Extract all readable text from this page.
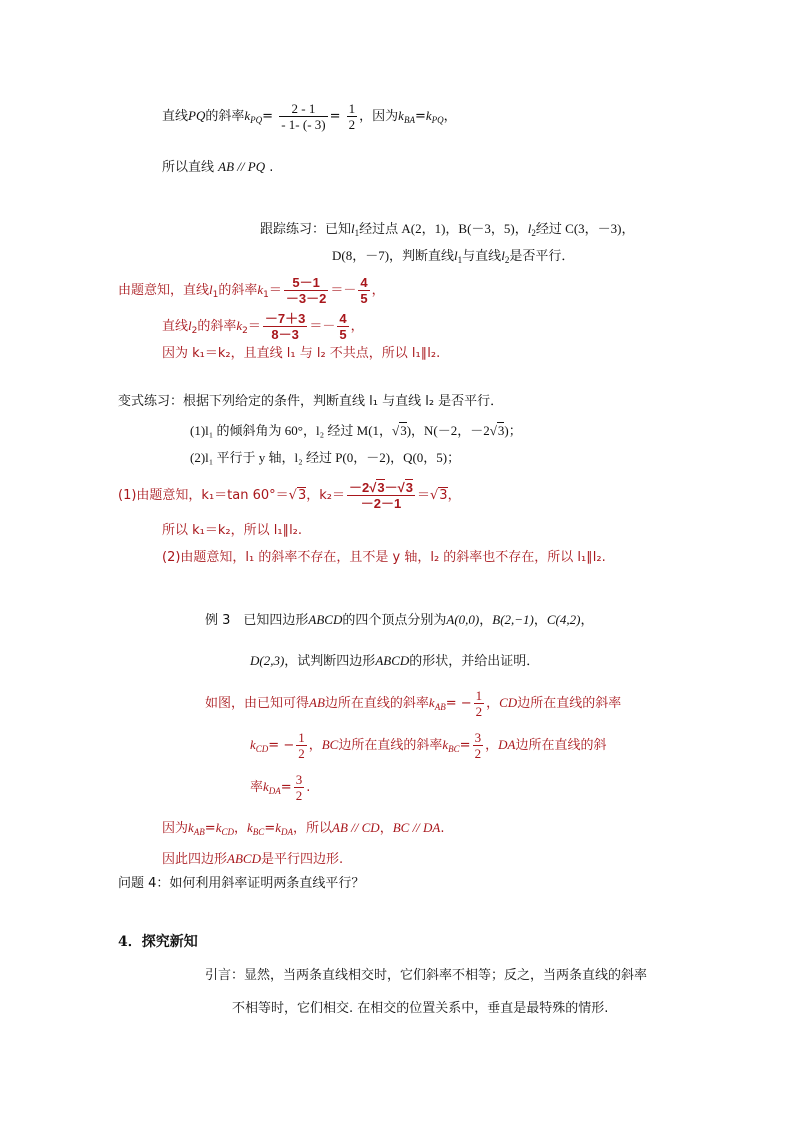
直线PQ的斜率$k_{PQ}= \frac{2 - 1}{- 1- (- 3)} = \frac{1}{2}$ ，因为$k_{BA}=k_{PQ}$，
所以直线 AB // PQ .
跟踪练习：已知$l_1$经过点 A(2，1)，B(－3，5)，$l_2$经过 C(3，－3)，
D(8，－7)，判断直线$l_1$与直线$l_2$是否平行．
由题意知，直线$l_1$的斜率$k_1= \frac{5-1}{-3-2} =- \frac{4}{5}$ ，
直线$l_2$的斜率$k_2= \frac{-7+3}{8-3} =- \frac{4}{5}$ ，
因为 k₁＝k₂，且直线 l₁ 与 l₂ 不共点，所以 l₁∥l₂.
变式练习：根据下列给定的条件，判断直线 l₁ 与直线 l₂ 是否平行．
(1)l₁ 的倾斜角为 60°，l₂ 经过 M(1，√3)，N(－2，－2√3)；
(2)l₁ 平行于 y 轴，l₂ 经过 P(0，－2)，Q(0，5)；
(1)由题意知，k₁＝tan 60°＝√3，$k_2= \frac{-2√3-√3}{-2-1} =√3$，
所以 k₁＝k₂，所以 l₁∥l₂.
(2)由题意知，l₁ 的斜率不存在，且不是 y 轴，l₂ 的斜率也不存在，所以 l₁∥l₂.
例 3　已知四边形ABCD的四个顶点分别为A(0,0)，B(2,−1)，C(4,2)，
D(2,3)，试判断四边形ABCD的形状，并给出证明．
如图，由已知可得AB边所在直线的斜率$k_{AB}= - \frac{1}{2}$ ，CD边所在直线的斜率
$k_{CD}= - \frac{1}{2}$ ，BC边所在直线的斜率$k_{BC}= \frac{3}{2}$ ，DA边所在直线的斜
率$k_{DA}= \frac{3}{2}$ .
因为$k_{AB}=k_{CD}$，$k_{BC}=k_{DA}$，所以AB // CD，BC // DA.
因此四边形ABCD是平行四边形.
问题 4：如何利用斜率证明两条直线平行？
4．探究新知
引言：显然，当两条直线相交时，它们斜率不相等；反之，当两条直线的斜率
不相等时，它们相交. 在相交的位置关系中，垂直是最特殊的情形.
